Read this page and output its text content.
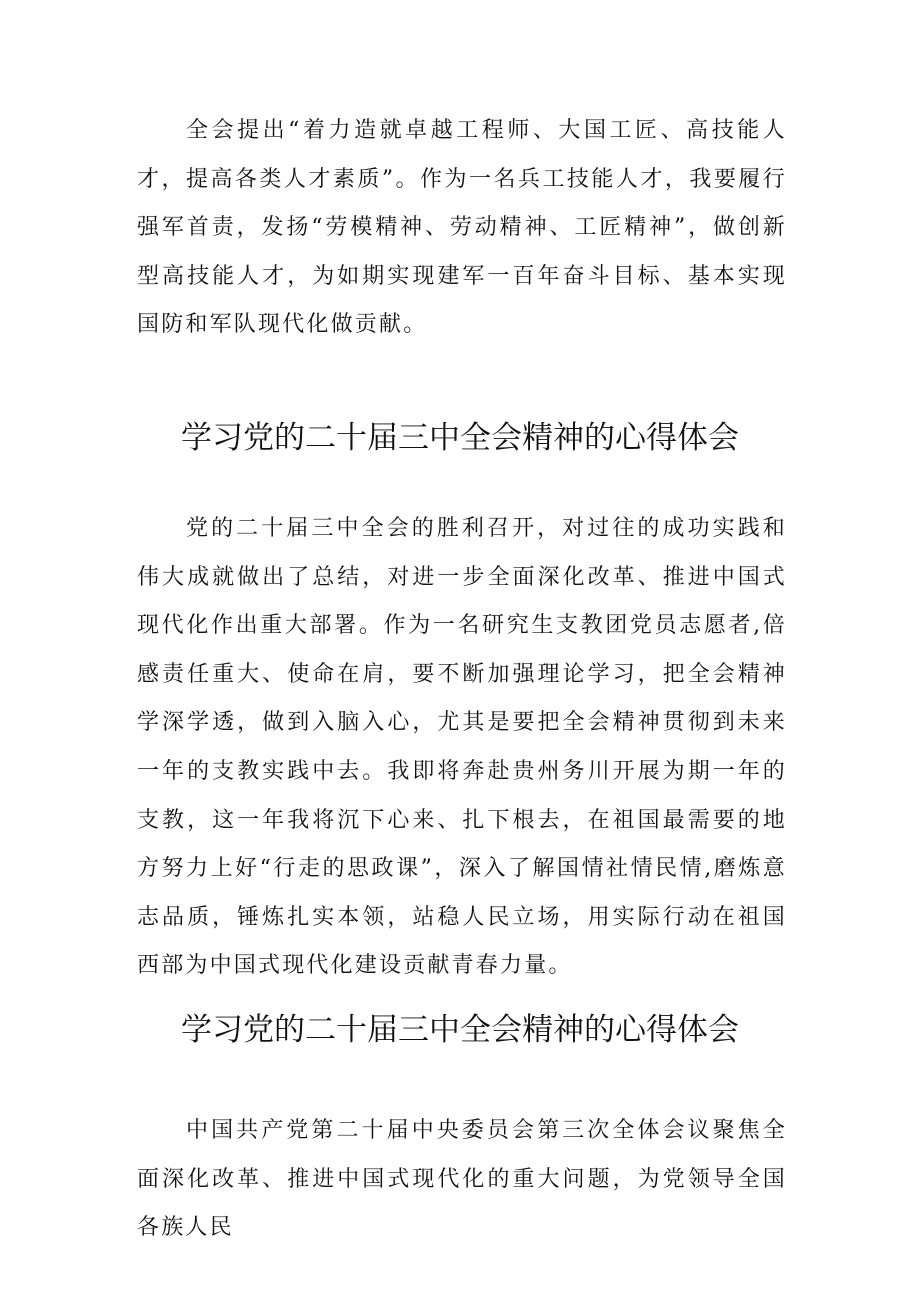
全会提出“着力造就卓越工程师、大国工匠、高技能人才，提高各类人才素质”。作为一名兵工技能人才，我要履行强军首责，发扬“劳模精神、劳动精神、工匠精神”，做创新型高技能人才，为如期实现建军一百年奋斗目标、基本实现国防和军队现代化做贡献。

学习党的二十届三中全会精神的心得体会

党的二十届三中全会的胜利召开，对过往的成功实践和伟大成就做出了总结，对进一步全面深化改革、推进中国式现代化作出重大部署。作为一名研究生支教团党员志愿者,倍感责任重大、使命在肩，要不断加强理论学习，把全会精神学深学透，做到入脑入心，尤其是要把全会精神贯彻到未来一年的支教实践中去。我即将奔赴贵州务川开展为期一年的支教，这一年我将沉下心来、扎下根去，在祖国最需要的地方努力上好“行走的思政课”，深入了解国情社情民情,磨炼意志品质，锤炼扎实本领，站稳人民立场，用实际行动在祖国西部为中国式现代化建设贡献青春力量。

学习党的二十届三中全会精神的心得体会

中国共产党第二十届中央委员会第三次全体会议聚焦全面深化改革、推进中国式现代化的重大问题，为党领导全国各族人民
